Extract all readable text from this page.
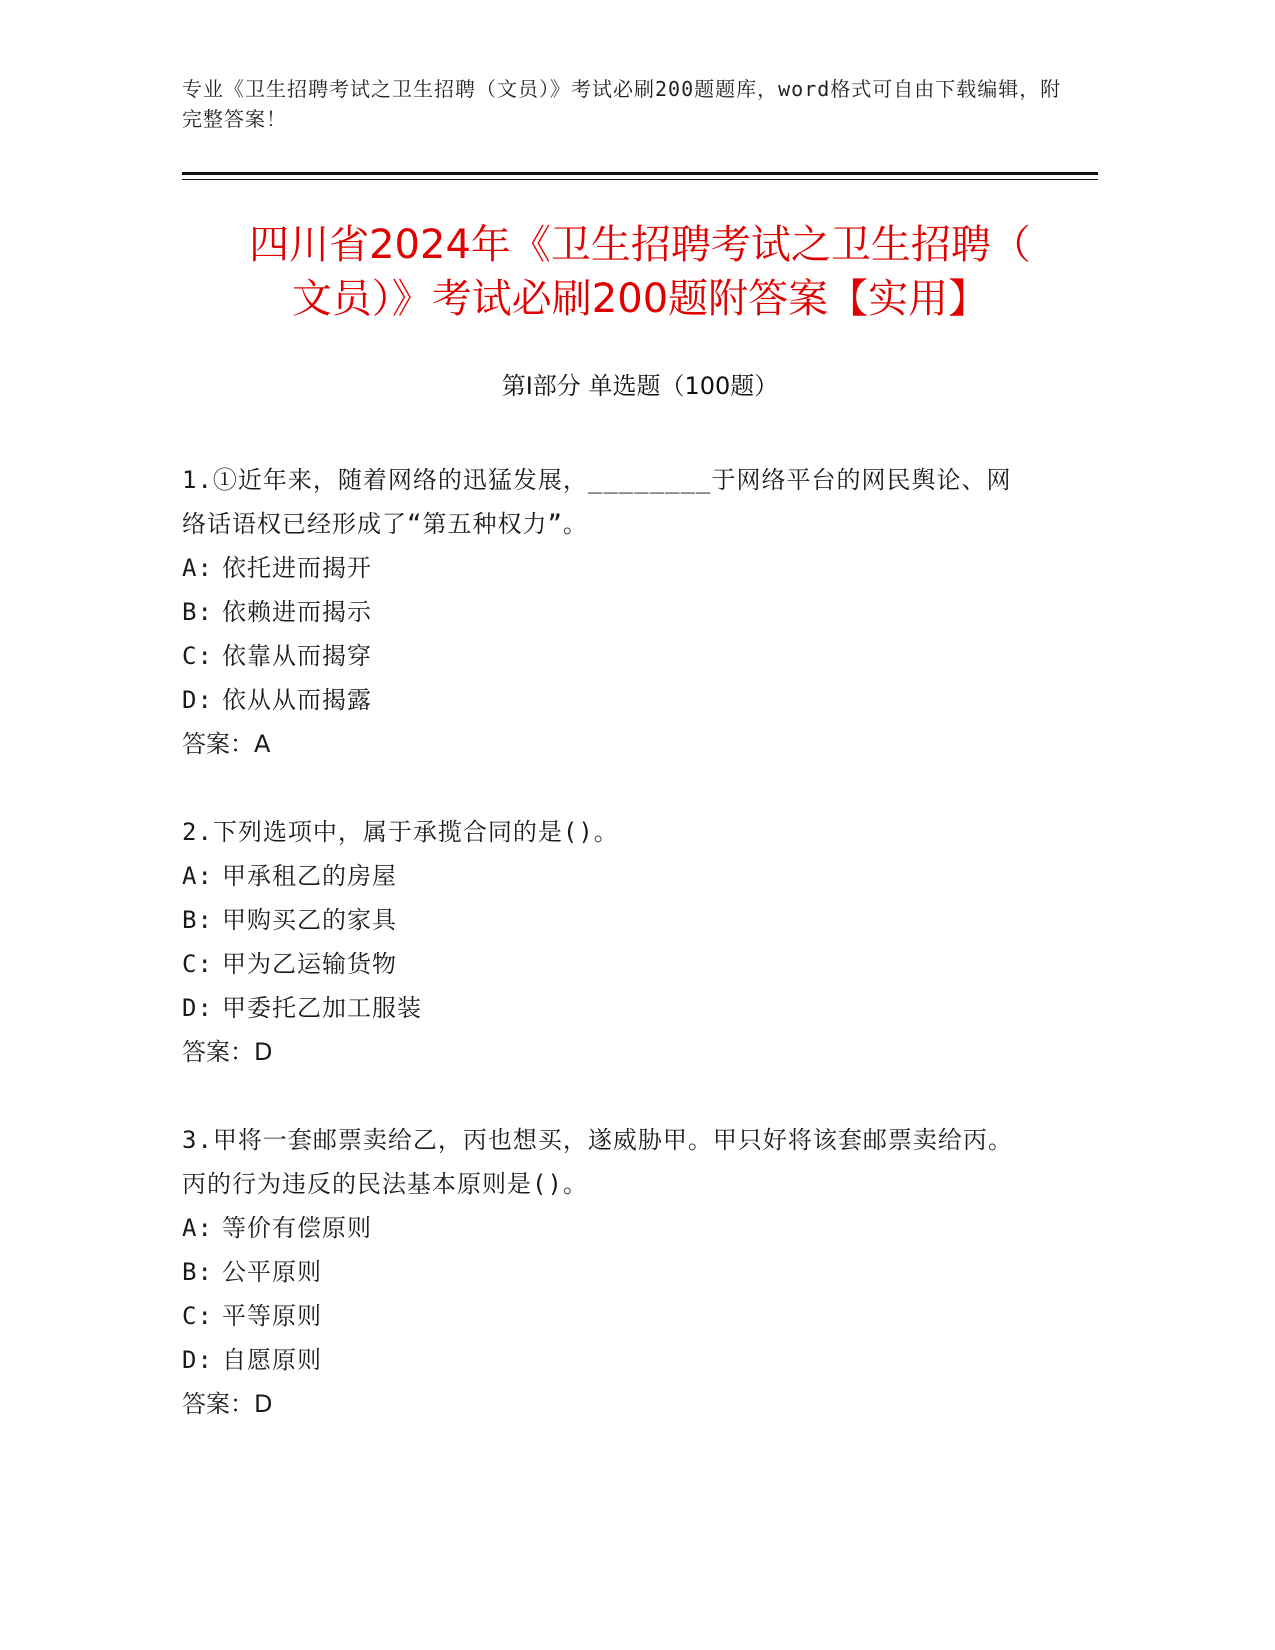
专业《卫生招聘考试之卫生招聘（文员）》考试必刷200题题库，word格式可自由下载编辑，附完整答案！
四川省2024年《卫生招聘考试之卫生招聘（
文员）》考试必刷200题附答案【实用】
第I部分 单选题（100题）

1.①近年来，随着网络的迅猛发展，________于网络平台的网民舆论、网络话语权已经形成了“第五种权力”。

A: 依托进而揭开
B: 依赖进而揭示
C: 依靠从而揭穿
D: 依从从而揭露
答案：A

2.下列选项中，属于承揽合同的是()。

A: 甲承租乙的房屋
B: 甲购买乙的家具
C: 甲为乙运输货物
D: 甲委托乙加工服装
答案：D

3.甲将一套邮票卖给乙，丙也想买，遂威胁甲。甲只好将该套邮票卖给丙。丙的行为违反的民法基本原则是()。

A: 等价有偿原则
B: 公平原则
C: 平等原则
D: 自愿原则
答案：D
